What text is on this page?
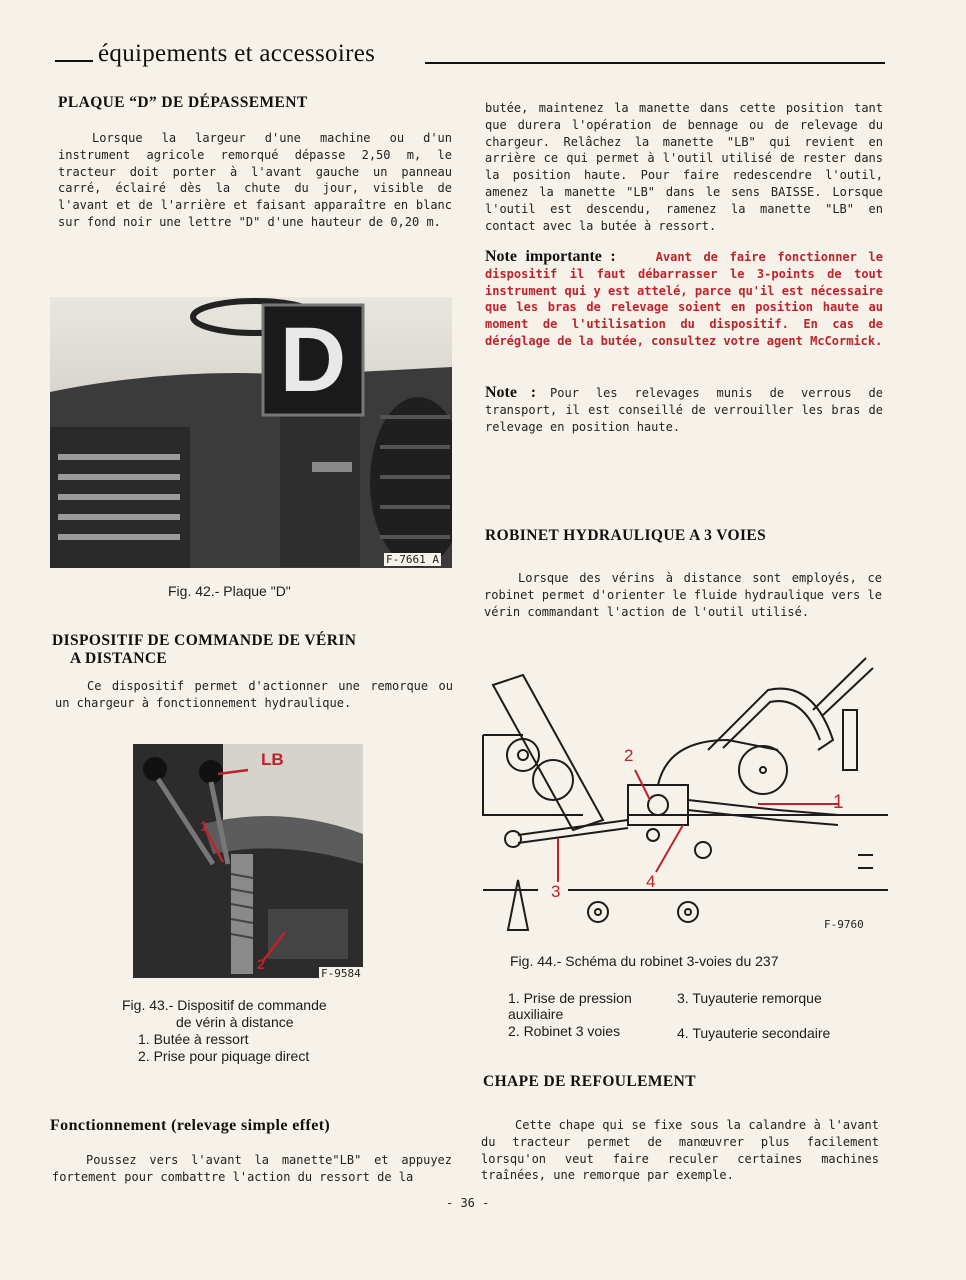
équipements et accessoires
PLAQUE “D” DE DÉPASSEMENT

Lorsque la largeur d'une machine ou d'un instrument agricole remorqué dépasse 2,50 m, le tracteur doit porter à l'avant gauche un panneau carré, éclairé dès la chute du jour, visible de l'avant et de l'arrière et faisant apparaître en blanc sur fond noir une lettre "D" d'une hauteur de 0,20 m.

D
F-7661 A
Fig. 42.- Plaque "D"
DISPOSITIF DE COMMANDE DE VÉRIN
A DISTANCE

Ce dispositif permet d'actionner une remorque ou un chargeur à fonctionnement hydraulique.

LB
1
2
F-9584
Fig. 43.- Dispositif de commande
de vérin à distance
1. Butée à ressort
2. Prise pour piquage direct
Fonctionnement (relevage simple effet)

Poussez vers l'avant la manette"LB" et appuyez fortement pour combattre l'action du ressort de la

butée, maintenez la manette dans cette position tant que durera l'opération de bennage ou de relevage du chargeur. Relâchez la manette "LB" qui revient en arrière ce qui permet à l'outil utilisé de rester dans la position haute. Pour faire redescendre l'outil, amenez la manette "LB" dans le sens BAISSE. Lorsque l'outil est descendu, ramenez la manette "LB" en contact avec la butée à ressort.

Note importante :	Avant de faire fonctionner le dispositif il faut débarrasser le 3-points de tout instrument qui y est attelé, parce qu'il est nécessaire que les bras de relevage soient en position haute au moment de l'utilisation du dispositif. En cas de déréglage de la butée, consultez votre agent McCormick.

Note : Pour les relevages munis de verrous de transport, il est conseillé de verrouiller les bras de relevage en position haute.

ROBINET HYDRAULIQUE A 3 VOIES

Lorsque des vérins à distance sont employés, ce robinet permet d'orienter le fluide hydraulique vers le vérin commandant l'action de l'outil utilisé.

2
1
3
4
F-9760
Fig. 44.- Schéma du robinet 3-voies du 237
1. Prise de pression auxiliaire
2. Robinet 3 voies
3. Tuyauterie remorque
4. Tuyauterie secondaire
CHAPE DE REFOULEMENT

Cette chape qui se fixe sous la calandre à l'avant du tracteur permet de manœuvrer plus facilement lorsqu'on veut faire reculer certaines machines traînées, une remorque par exemple.

- 36 -
